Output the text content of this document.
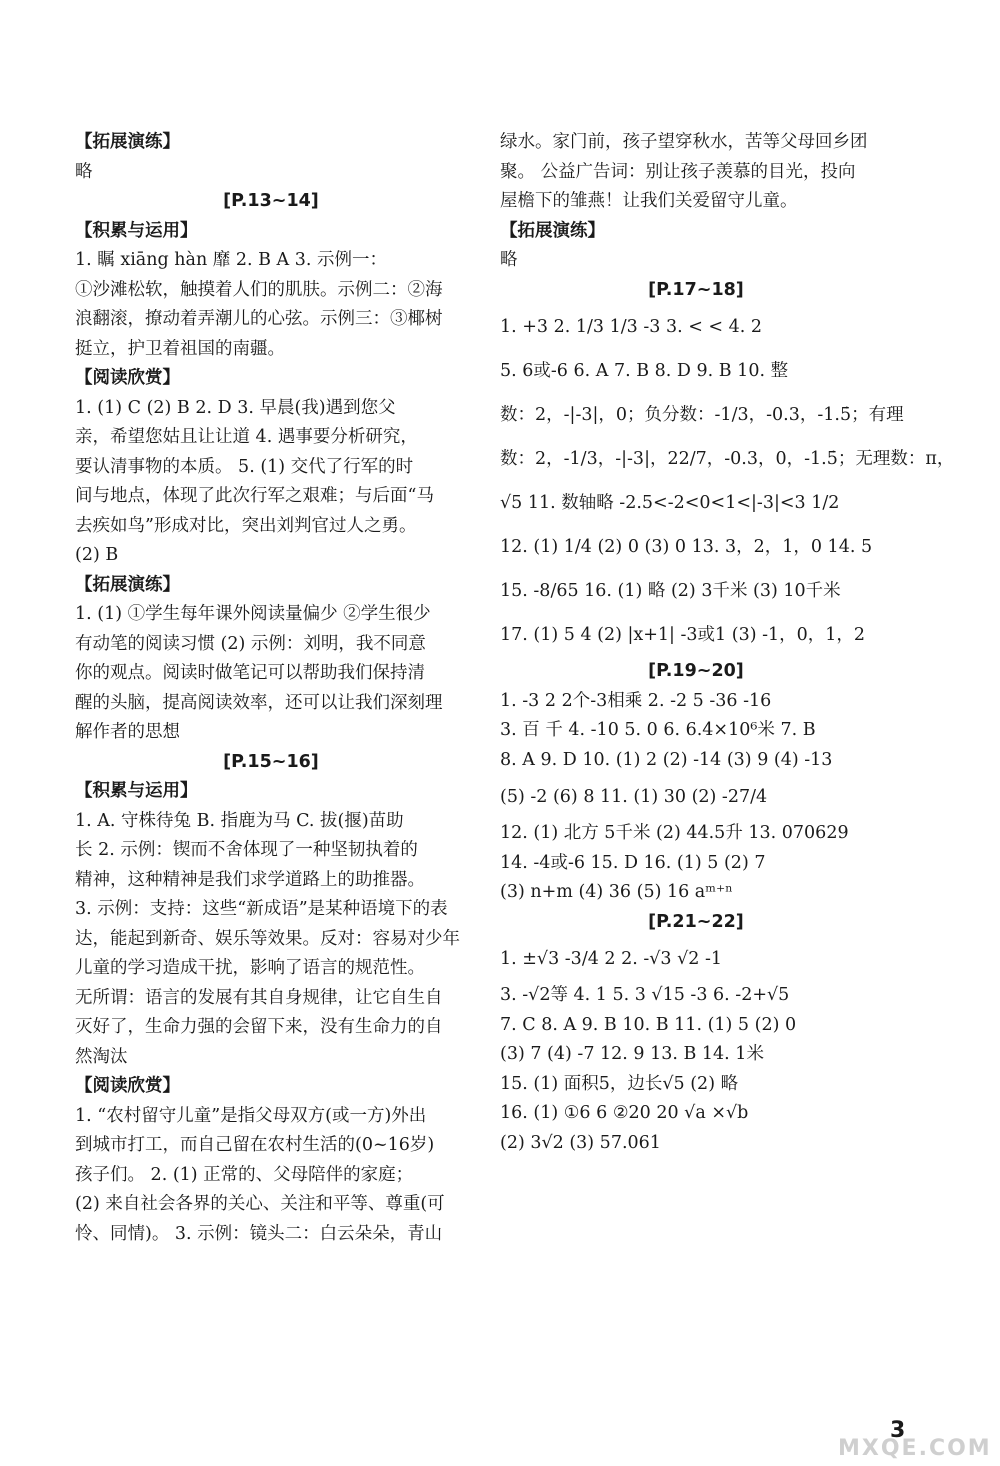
【拓展演练】
略
[P.13~14]
【积累与运用】
1. 瞩 xiāng hàn 靡 2. B A 3. 示例一：
①沙滩松软，触摸着人们的肌肤。示例二：②海
浪翻滚，撩动着弄潮儿的心弦。示例三：③椰树
挺立，护卫着祖国的南疆。
【阅读欣赏】
1. (1) C (2) B 2. D 3. 早晨(我)遇到您父
亲，希望您姑且让让道 4. 遇事要分析研究，
要认清事物的本质。 5. (1) 交代了行军的时
间与地点，体现了此次行军之艰难；与后面“马
去疾如鸟”形成对比，突出刘判官过人之勇。
(2) B
【拓展演练】
1. (1) ①学生每年课外阅读量偏少 ②学生很少
有动笔的阅读习惯 (2) 示例：刘明，我不同意
你的观点。阅读时做笔记可以帮助我们保持清
醒的头脑，提高阅读效率，还可以让我们深刻理
解作者的思想
[P.15~16]
【积累与运用】
1. A. 守株待兔 B. 指鹿为马 C. 拔(揠)苗助
长 2. 示例：锲而不舍体现了一种坚韧执着的
精神，这种精神是我们求学道路上的助推器。
3. 示例：支持：这些“新成语”是某种语境下的表
达，能起到新奇、娱乐等效果。反对：容易对少年
儿童的学习造成干扰，影响了语言的规范性。
无所谓：语言的发展有其自身规律，让它自生自
灭好了，生命力强的会留下来，没有生命力的自
然淘汰
【阅读欣赏】
1. “农村留守儿童”是指父母双方(或一方)外出
到城市打工，而自己留在农村生活的(0~16岁)
孩子们。 2. (1) 正常的、父母陪伴的家庭；
(2) 来自社会各界的关心、关注和平等、尊重(可
怜、同情)。 3. 示例：镜头二：白云朵朵，青山
绿水。家门前，孩子望穿秋水，苦等父母回乡团
聚。 公益广告词：别让孩子羡慕的目光，投向
屋檐下的雏燕！让我们关爱留守儿童。
【拓展演练】
略
[P.17~18]
1. +3 2. 1/3 1/3 -3 3. < < 4. 2
5. 6或-6 6. A 7. B 8. D 9. B 10. 整
数：2，-|-3|，0；负分数：-1/3，-0.3，-1.5̇；有理
数：2，-1/3，-|-3|，22/7，-0.3，0，-1.5̇；无理数：π，
√5 11. 数轴略 -2.5<-2<0<1<|-3|<3 1/2
12. (1) 1/4 (2) 0 (3) 0 13. 3，2，1，0 14. 5
15. -8/65 16. (1) 略 (2) 3千米 (3) 10千米
17. (1) 5 4 (2) |x+1| -3或1 (3) -1，0，1，2
[P.19~20]
1. -3 2 2个-3相乘 2. -2 5 -36 -16
3. 百 千 4. -10 5. 0 6. 6.4×10⁶米 7. B
8. A 9. D 10. (1) 2 (2) -14 (3) 9 (4) -13
(5) -2 (6) 8 11. (1) 30 (2) -27/4
12. (1) 北方 5千米 (2) 44.5升 13. 070629
14. -4或-6 15. D 16. (1) 5 (2) 7
(3) n+m (4) 36 (5) 16 aᵐ⁺ⁿ
[P.21~22]
1. ±√3 -3/4 2 2. -√3 √2 -1
3. -√2等 4. 1 5. 3 √15 -3 6. -2+√5
7. C 8. A 9. B 10. B 11. (1) 5 (2) 0
(3) 7 (4) -7 12. 9 13. B 14. 1米
15. (1) 面积5，边长√5 (2) 略
16. (1) ①6 6 ②20 20 √a ×√b
(2) 3√2 (3) 57.061
3
MXQE.COM
